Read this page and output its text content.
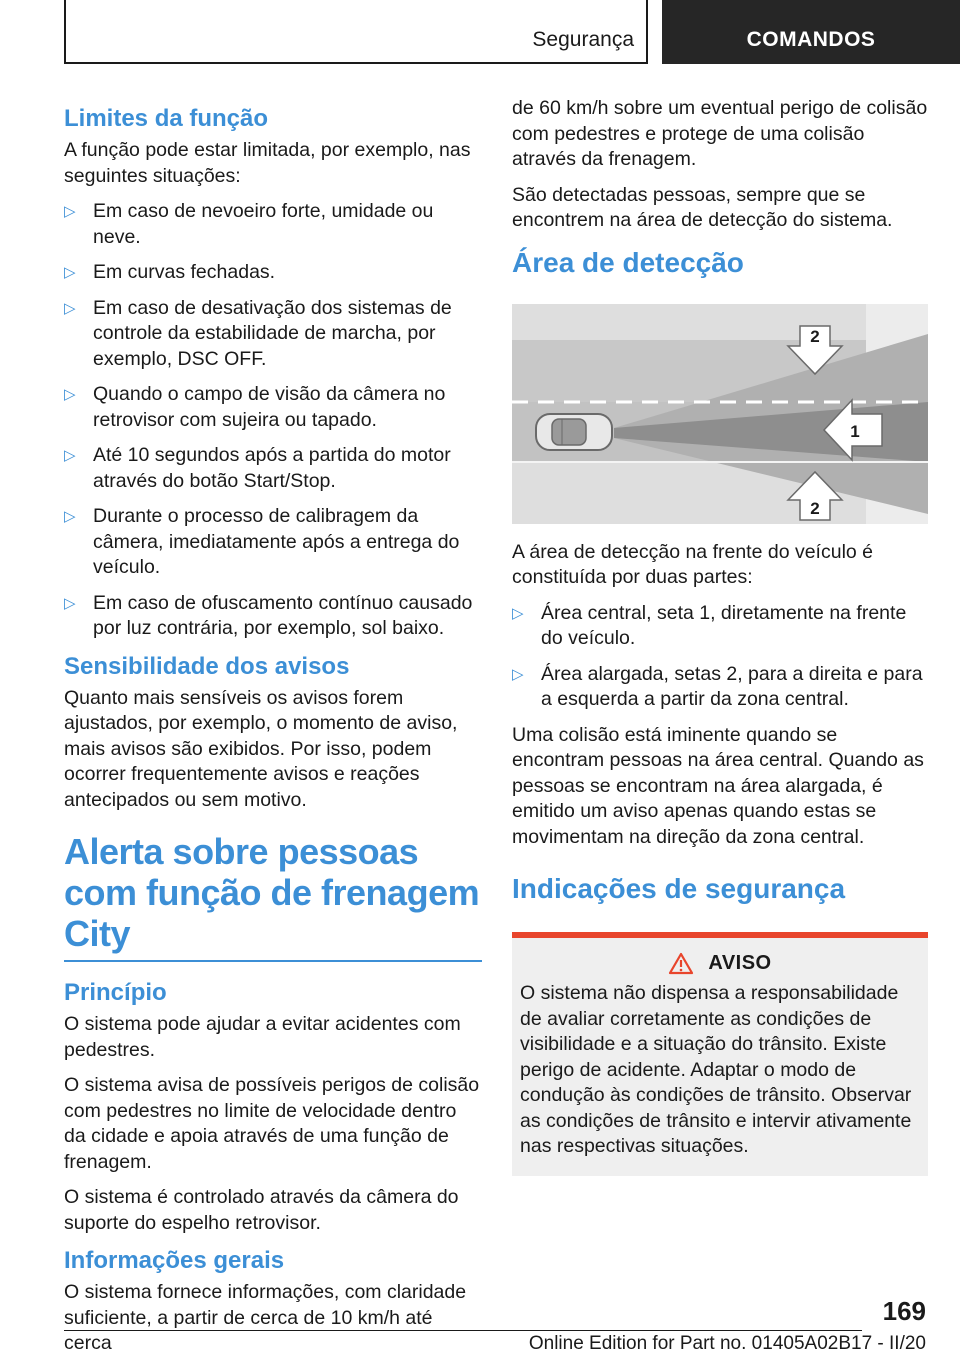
Segurança	COMANDOS
Limites da função

A função pode estar limitada, por exemplo, nas seguintes situações:

▷ Em caso de nevoeiro forte, umidade ou neve.
▷ Em curvas fechadas.
▷ Em caso de desativação dos sistemas de controle da estabilidade de marcha, por exemplo, DSC OFF.
▷ Quando o campo de visão da câmera no retrovisor com sujeira ou tapado.
▷ Até 10 segundos após a partida do motor através do botão Start/Stop.
▷ Durante o processo de calibragem da câmera, imediatamente após a entrega do veículo.
▷ Em caso de ofuscamento contínuo causado por luz contrária, por exemplo, sol baixo.
Sensibilidade dos avisos

Quanto mais sensíveis os avisos forem ajustados, por exemplo, o momento de aviso, mais avisos são exibidos. Por isso, podem ocorrer frequentemente avisos e reações antecipados ou sem motivo.

Alerta sobre pessoas com função de frenagem City
Princípio

O sistema pode ajudar a evitar acidentes com pedestres.

O sistema avisa de possíveis perigos de colisão com pedestres no limite de velocidade dentro da cidade e apoia através de uma função de frenagem.

O sistema é controlado através da câmera do suporte do espelho retrovisor.

Informações gerais

O sistema fornece informações, com claridade suficiente, a partir de cerca de 10 km/h até cerca

de 60 km/h sobre um eventual perigo de colisão com pedestres e protege de uma colisão através da frenagem.

São detectadas pessoas, sempre que se encontrem na área de detecção do sistema.

Área de detecção
2
1
2

A área de detecção na frente do veículo é constituída por duas partes:

▷ Área central, seta 1, diretamente na frente do veículo.
▷ Área alargada, setas 2, para a direita e para a esquerda a partir da zona central.

Uma colisão está iminente quando se encontram pessoas na área central. Quando as pessoas se encontram na área alargada, é emitido um aviso apenas quando estas se movimentam na direção da zona central.

Indicações de segurança
AVISO

O sistema não dispensa a responsabilidade de avaliar corretamente as condições de visibilidade e a situação do trânsito. Existe perigo de acidente. Adaptar o modo de condução às condições de trânsito. Observar as condições de trânsito e intervir ativamente nas respectivas situações.

169
Online Edition for Part no. 01405A02B17 - II/20
